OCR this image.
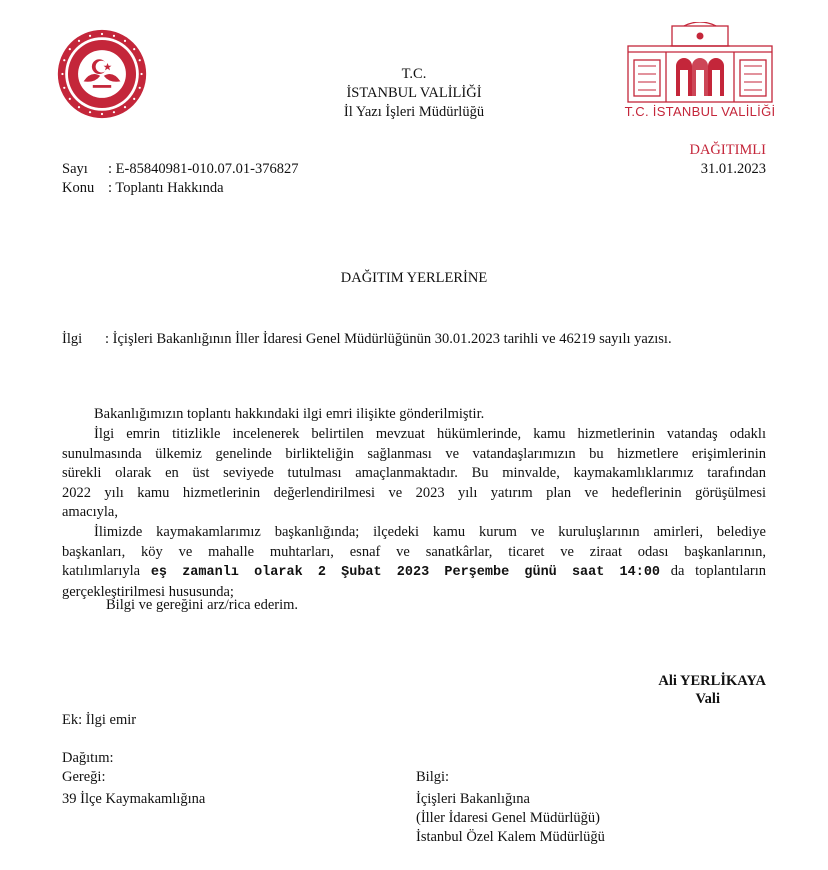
T.C.
İSTANBUL VALİLİĞİ
İl Yazı İşleri Müdürlüğü	T.C. İSTANBUL VALİLİĞİ
DAĞITIMLI
31.01.2023
Sayı : E-85840981-010.07.01-376827
Konu : Toplantı Hakkında
DAĞITIM YERLERİNE
İlgi : İçişleri Bakanlığının İller İdaresi Genel Müdürlüğünün 30.01.2023 tarihli ve 46219 sayılı yazısı.
Bakanlığımızın toplantı hakkındaki ilgi emri ilişikte gönderilmiştir.
İlgi emrin titizlikle incelenerek belirtilen mevzuat hükümlerinde, kamu hizmetlerinin vatandaş odaklı
sunulmasında ülkemiz genelinde birlikteliğin sağlanması ve vatandaşlarımızın bu hizmetlere erişimlerinin
sürekli olarak en üst seviyede tutulması amaçlanmaktadır. Bu minvalde, kaymakamlıklarımız tarafından
2022 yılı kamu hizmetlerinin değerlendirilmesi ve 2023 yılı yatırım plan ve hedeflerinin görüşülmesi
amacıyla,
İlimizde kaymakamlarımız başkanlığında; ilçedeki kamu kurum ve kuruluşlarının amirleri, belediye
başkanları, köy ve mahalle muhtarları, esnaf ve sanatkârlar, ticaret ve ziraat odası başkanlarının,
katılımlarıyla eş zamanlı olarak 2 Şubat 2023 Perşembe günü saat 14:00 da toplantıların
gerçekleştirilmesi hususunda;
Bilgi ve gereğini arz/rica ederim.
Ali YERLİKAYA
Vali
Ek: İlgi emir
Dağıtım:
Gereği:
39 İlçe Kaymakamlığına
Bilgi:
İçişleri Bakanlığına
(İller İdaresi Genel Müdürlüğü)
İstanbul Özel Kalem Müdürlüğü
